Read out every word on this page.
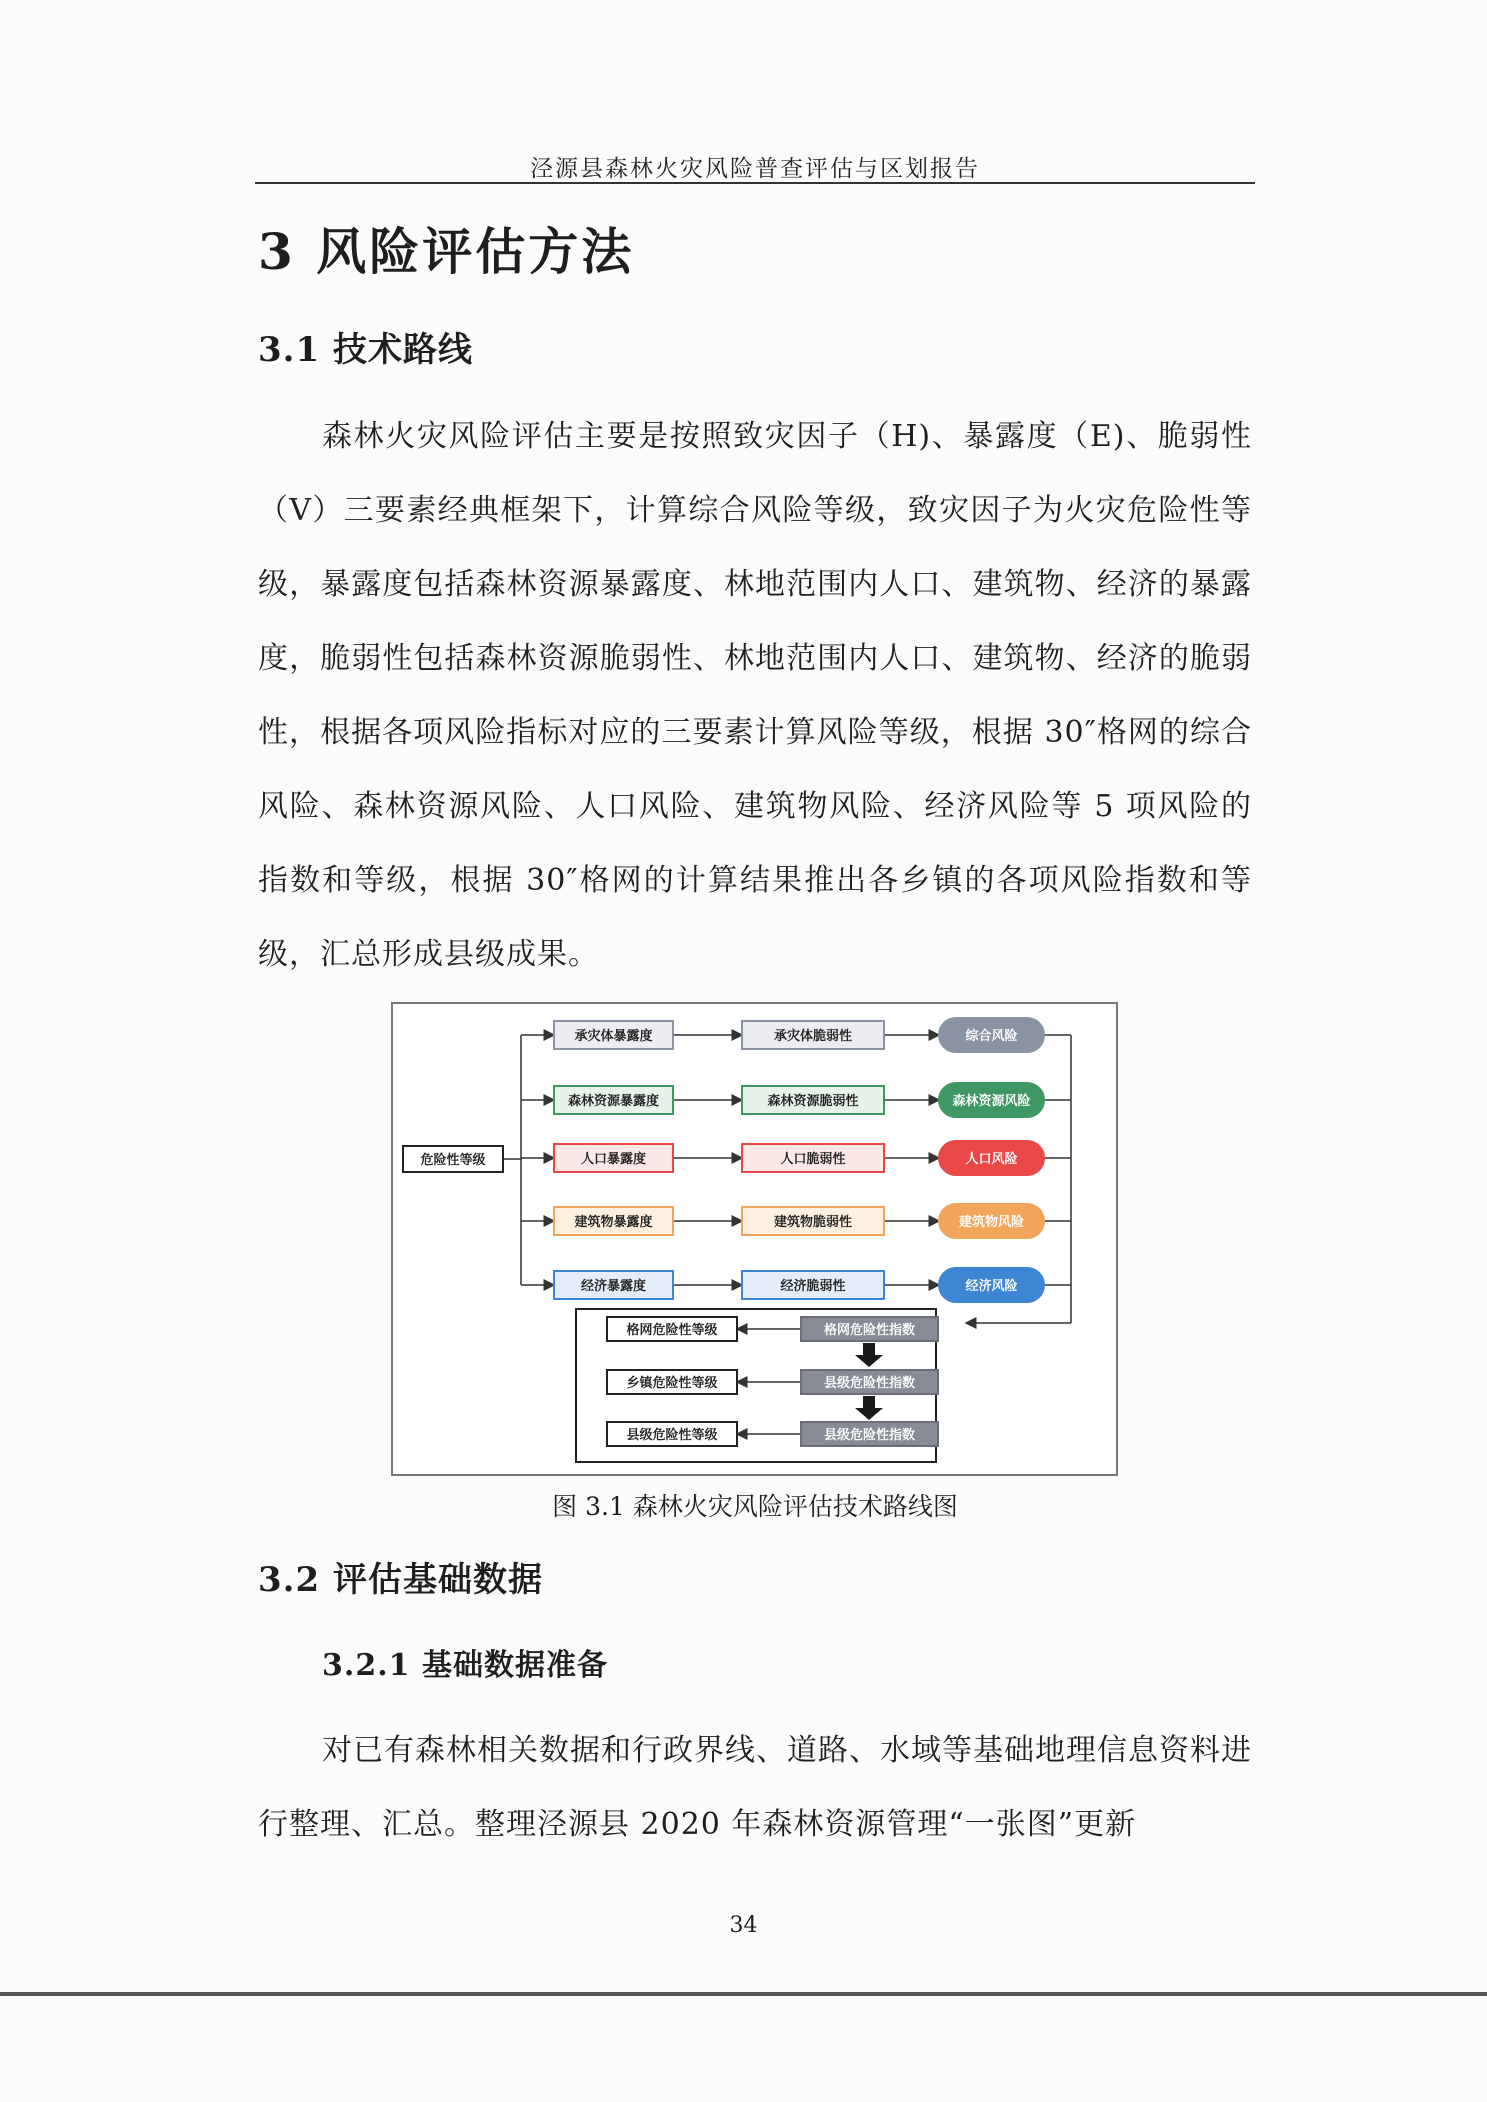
泾源县森林火灾风险普查评估与区划报告
3 风险评估方法
3.1 技术路线

森林火灾风险评估主要是按照致灾因子（H)、暴露度（E)、脆弱性（V）三要素经典框架下，计算综合风险等级，致灾因子为火灾危险性等级，暴露度包括森林资源暴露度、林地范围内人口、建筑物、经济的暴露度，脆弱性包括森林资源脆弱性、林地范围内人口、建筑物、经济的脆弱性，根据各项风险指标对应的三要素计算风险等级，根据 30″格网的综合风险、森林资源风险、人口风险、建筑物风险、经济风险等 5 项风险的指数和等级，根据 30″格网的计算结果推出各乡镇的各项风险指数和等级，汇总形成县级成果。

危险性等级
承灾体暴露度	承灾体脆弱性	综合风险
森林资源暴露度	森林资源脆弱性	森林资源风险
人口暴露度	人口脆弱性	人口风险
建筑物暴露度	建筑物脆弱性	建筑物风险
经济暴露度	经济脆弱性	经济风险
格网危险性等级	格网危险性指数
乡镇危险性等级	县级危险性指数
县级危险性等级	县级危险性指数
图 3.1 森林火灾风险评估技术路线图
3.2 评估基础数据
3.2.1 基础数据准备

对已有森林相关数据和行政界线、道路、水域等基础地理信息资料进行整理、汇总。整理泾源县 2020 年森林资源管理“一张图”更新

34
